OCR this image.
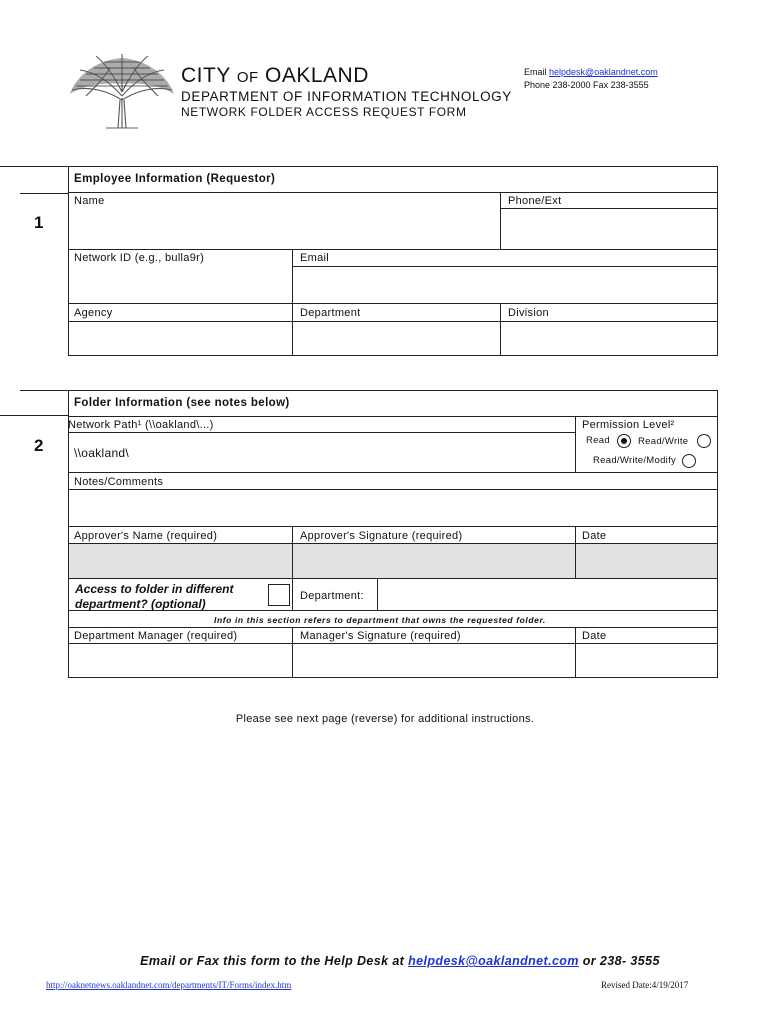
CITY OF OAKLAND
DEPARTMENT OF INFORMATION TECHNOLOGY
NETWORK FOLDER ACCESS REQUEST FORM
Email helpdesk@oaklandnet.com
Phone 238-2000 Fax 238-3555
1
Employee Information (Requestor)
Name	Phone/Ext
Network ID (e.g., bulla9r)	Email
Agency	Department	Division
2
Folder Information (see notes below)
Network Path¹ (\\oakland\...)	Permission Level²
\\oakland\
Read	Read/Write
Read/Write/Modify
Notes/Comments
Approver's Name (required)	Approver's Signature (required)	Date
Access to folder in different department? (optional)
Department:
Info in this section refers to department that owns the requested folder.
Department Manager (required)	Manager's Signature (required)	Date
Please see next page (reverse) for additional instructions.
Email or Fax this form to the Help Desk at helpdesk@oaklandnet.com or 238- 3555
http://oaknetnews.oaklandnet.com/departments/IT/Forms/index.htm	Revised Date:4/19/2017
